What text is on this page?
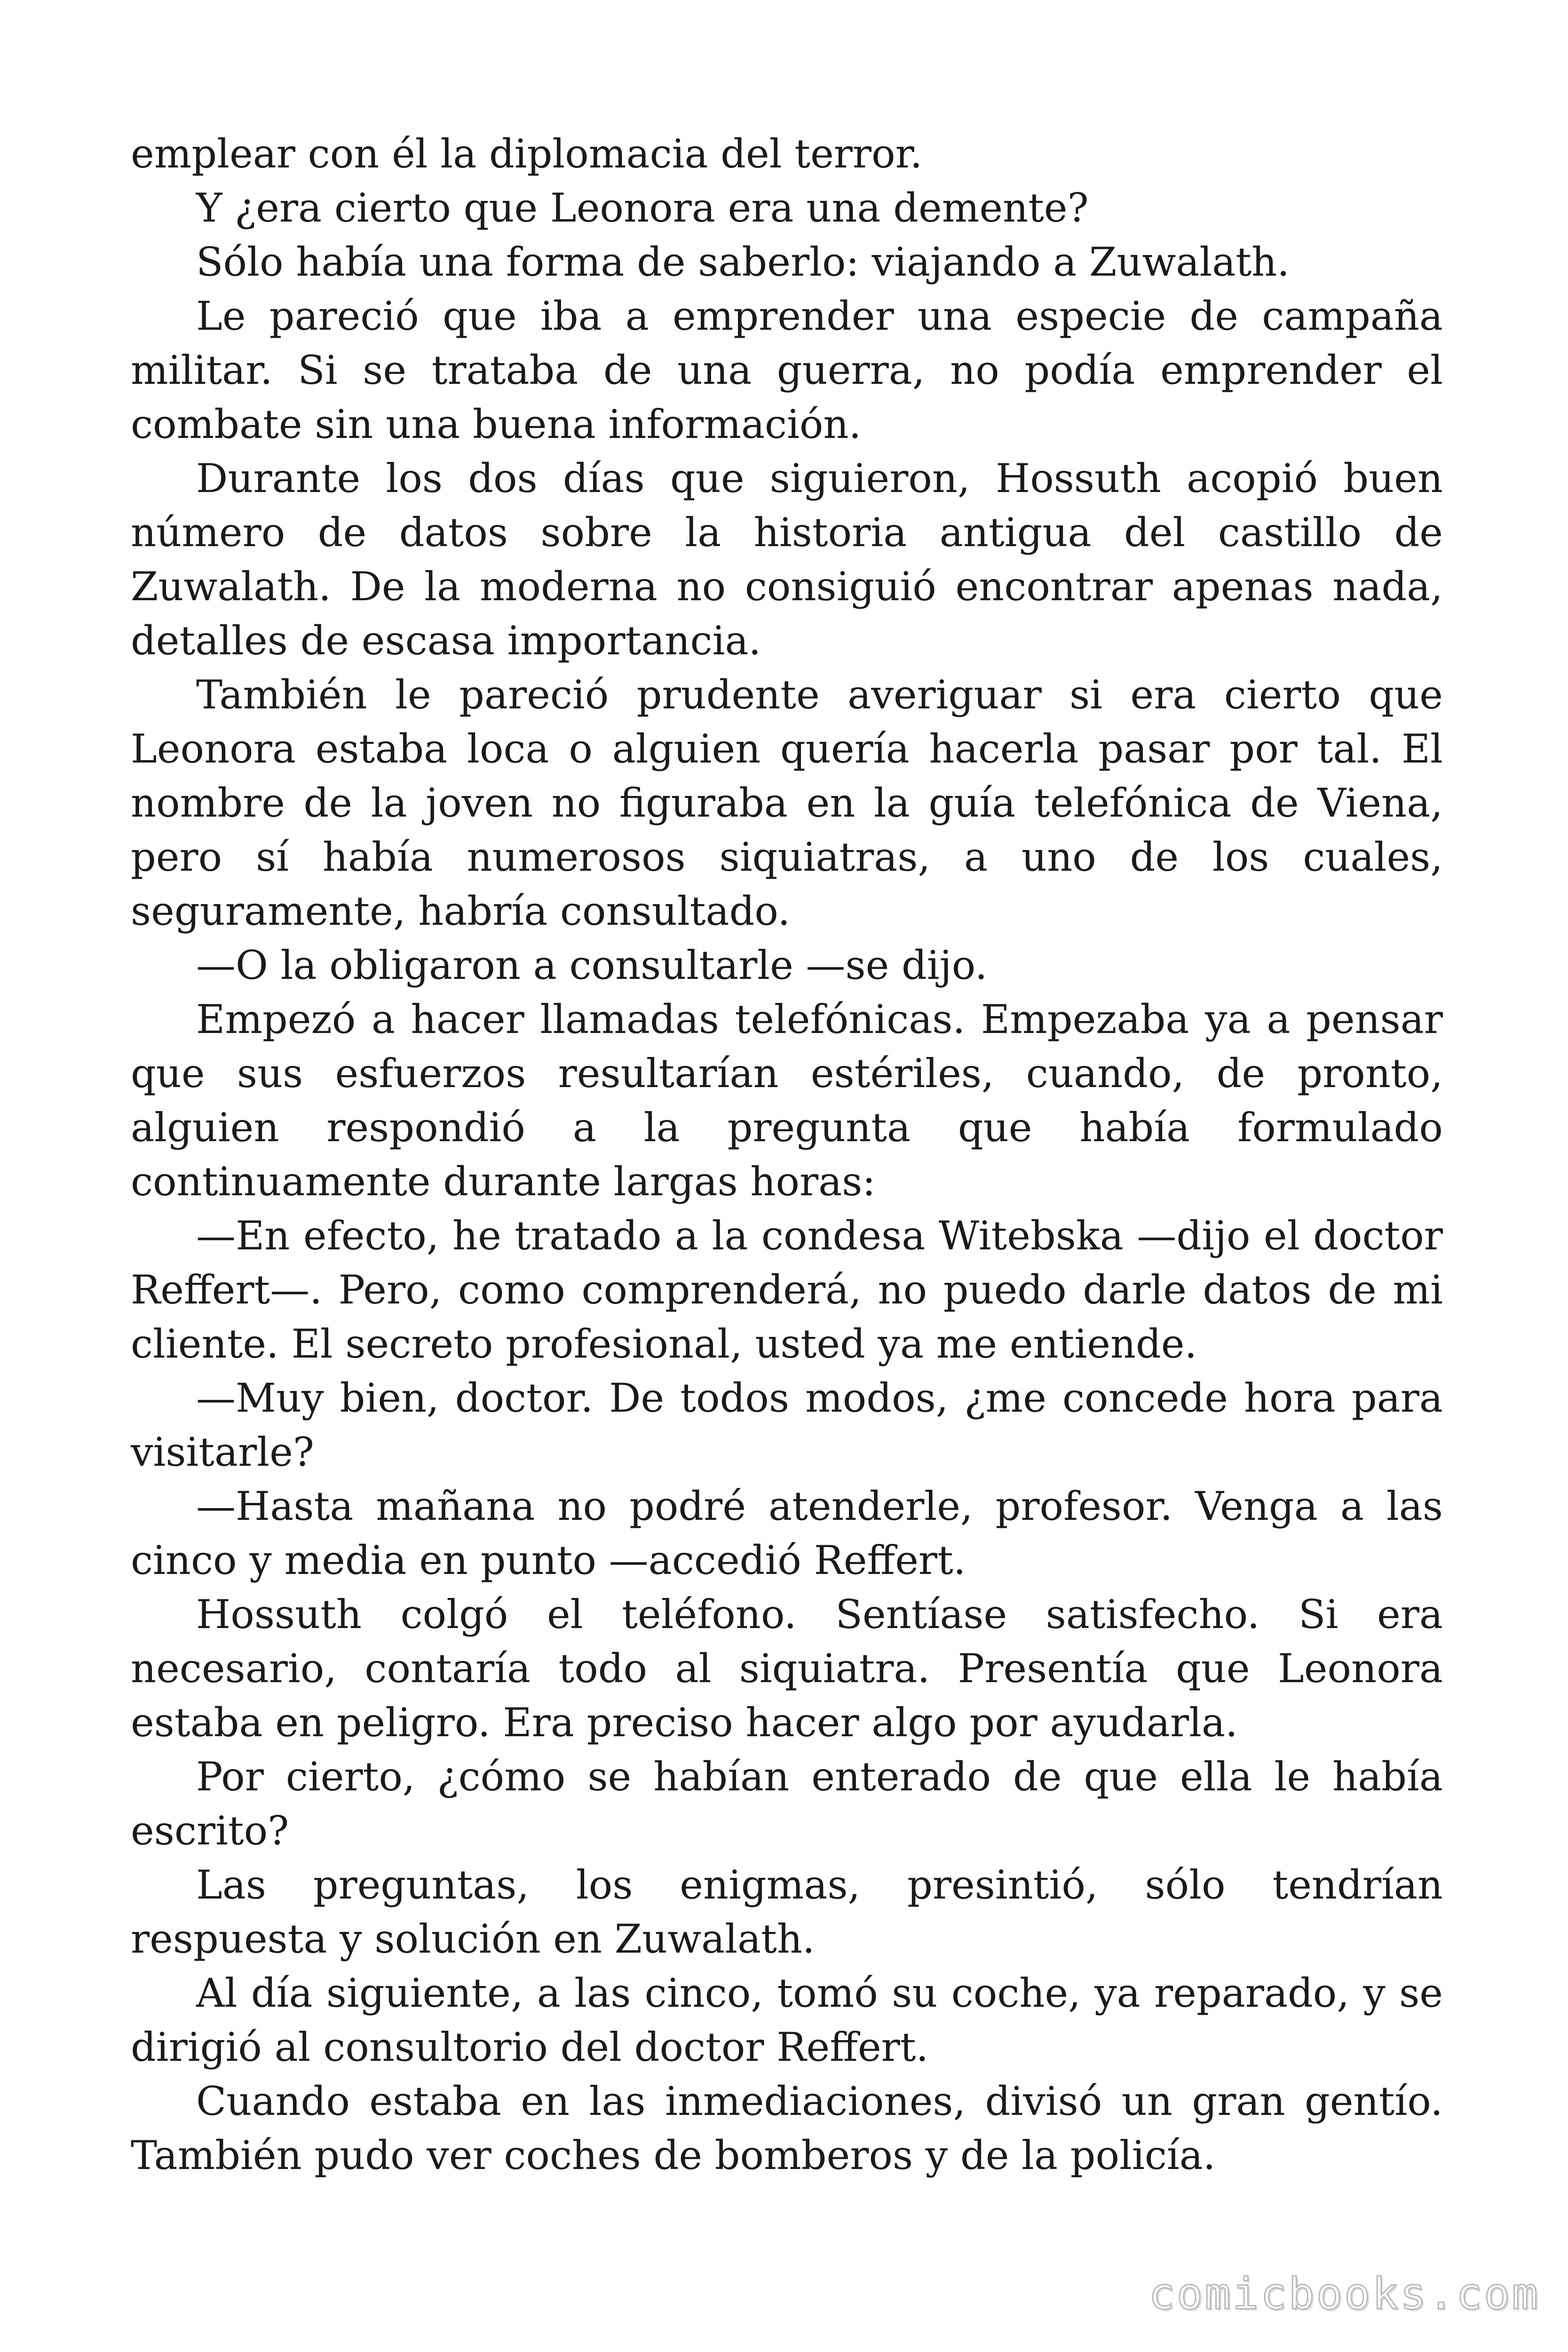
emplear con él la diplomacia del terror.

Y ¿era cierto que Leonora era una demente?

Sólo había una forma de saberlo: viajando a Zuwalath.

Le pareció que iba a emprender una especie de campaña militar. Si se trataba de una guerra, no podía emprender el combate sin una buena información.

Durante los dos días que siguieron, Hossuth acopió buen número de datos sobre la historia antigua del castillo de Zuwalath. De la moderna no consiguió encontrar apenas nada, detalles de escasa importancia.

También le pareció prudente averiguar si era cierto que Leonora estaba loca o alguien quería hacerla pasar por tal. El nombre de la joven no figuraba en la guía telefónica de Viena, pero sí había numerosos siquiatras, a uno de los cuales, seguramente, habría consultado.

—O la obligaron a consultarle —se dijo.

Empezó a hacer llamadas telefónicas. Empezaba ya a pensar que sus esfuerzos resultarían estériles, cuando, de pronto, alguien respondió a la pregunta que había formulado continuamente durante largas horas:

—En efecto, he tratado a la condesa Witebska —dijo el doctor Reffert—. Pero, como comprenderá, no puedo darle datos de mi cliente. El secreto profesional, usted ya me entiende.

—Muy bien, doctor. De todos modos, ¿me concede hora para visitarle?

—Hasta mañana no podré atenderle, profesor. Venga a las cinco y media en punto —accedió Reffert.

Hossuth colgó el teléfono. Sentíase satisfecho. Si era necesario, contaría todo al siquiatra. Presentía que Leonora estaba en peligro. Era preciso hacer algo por ayudarla.

Por cierto, ¿cómo se habían enterado de que ella le había escrito?

Las preguntas, los enigmas, presintió, sólo tendrían respuesta y solución en Zuwalath.

Al día siguiente, a las cinco, tomó su coche, ya reparado, y se dirigió al consultorio del doctor Reffert.

Cuando estaba en las inmediaciones, divisó un gran gentío. También pudo ver coches de bomberos y de la policía.

comicbooks.com
